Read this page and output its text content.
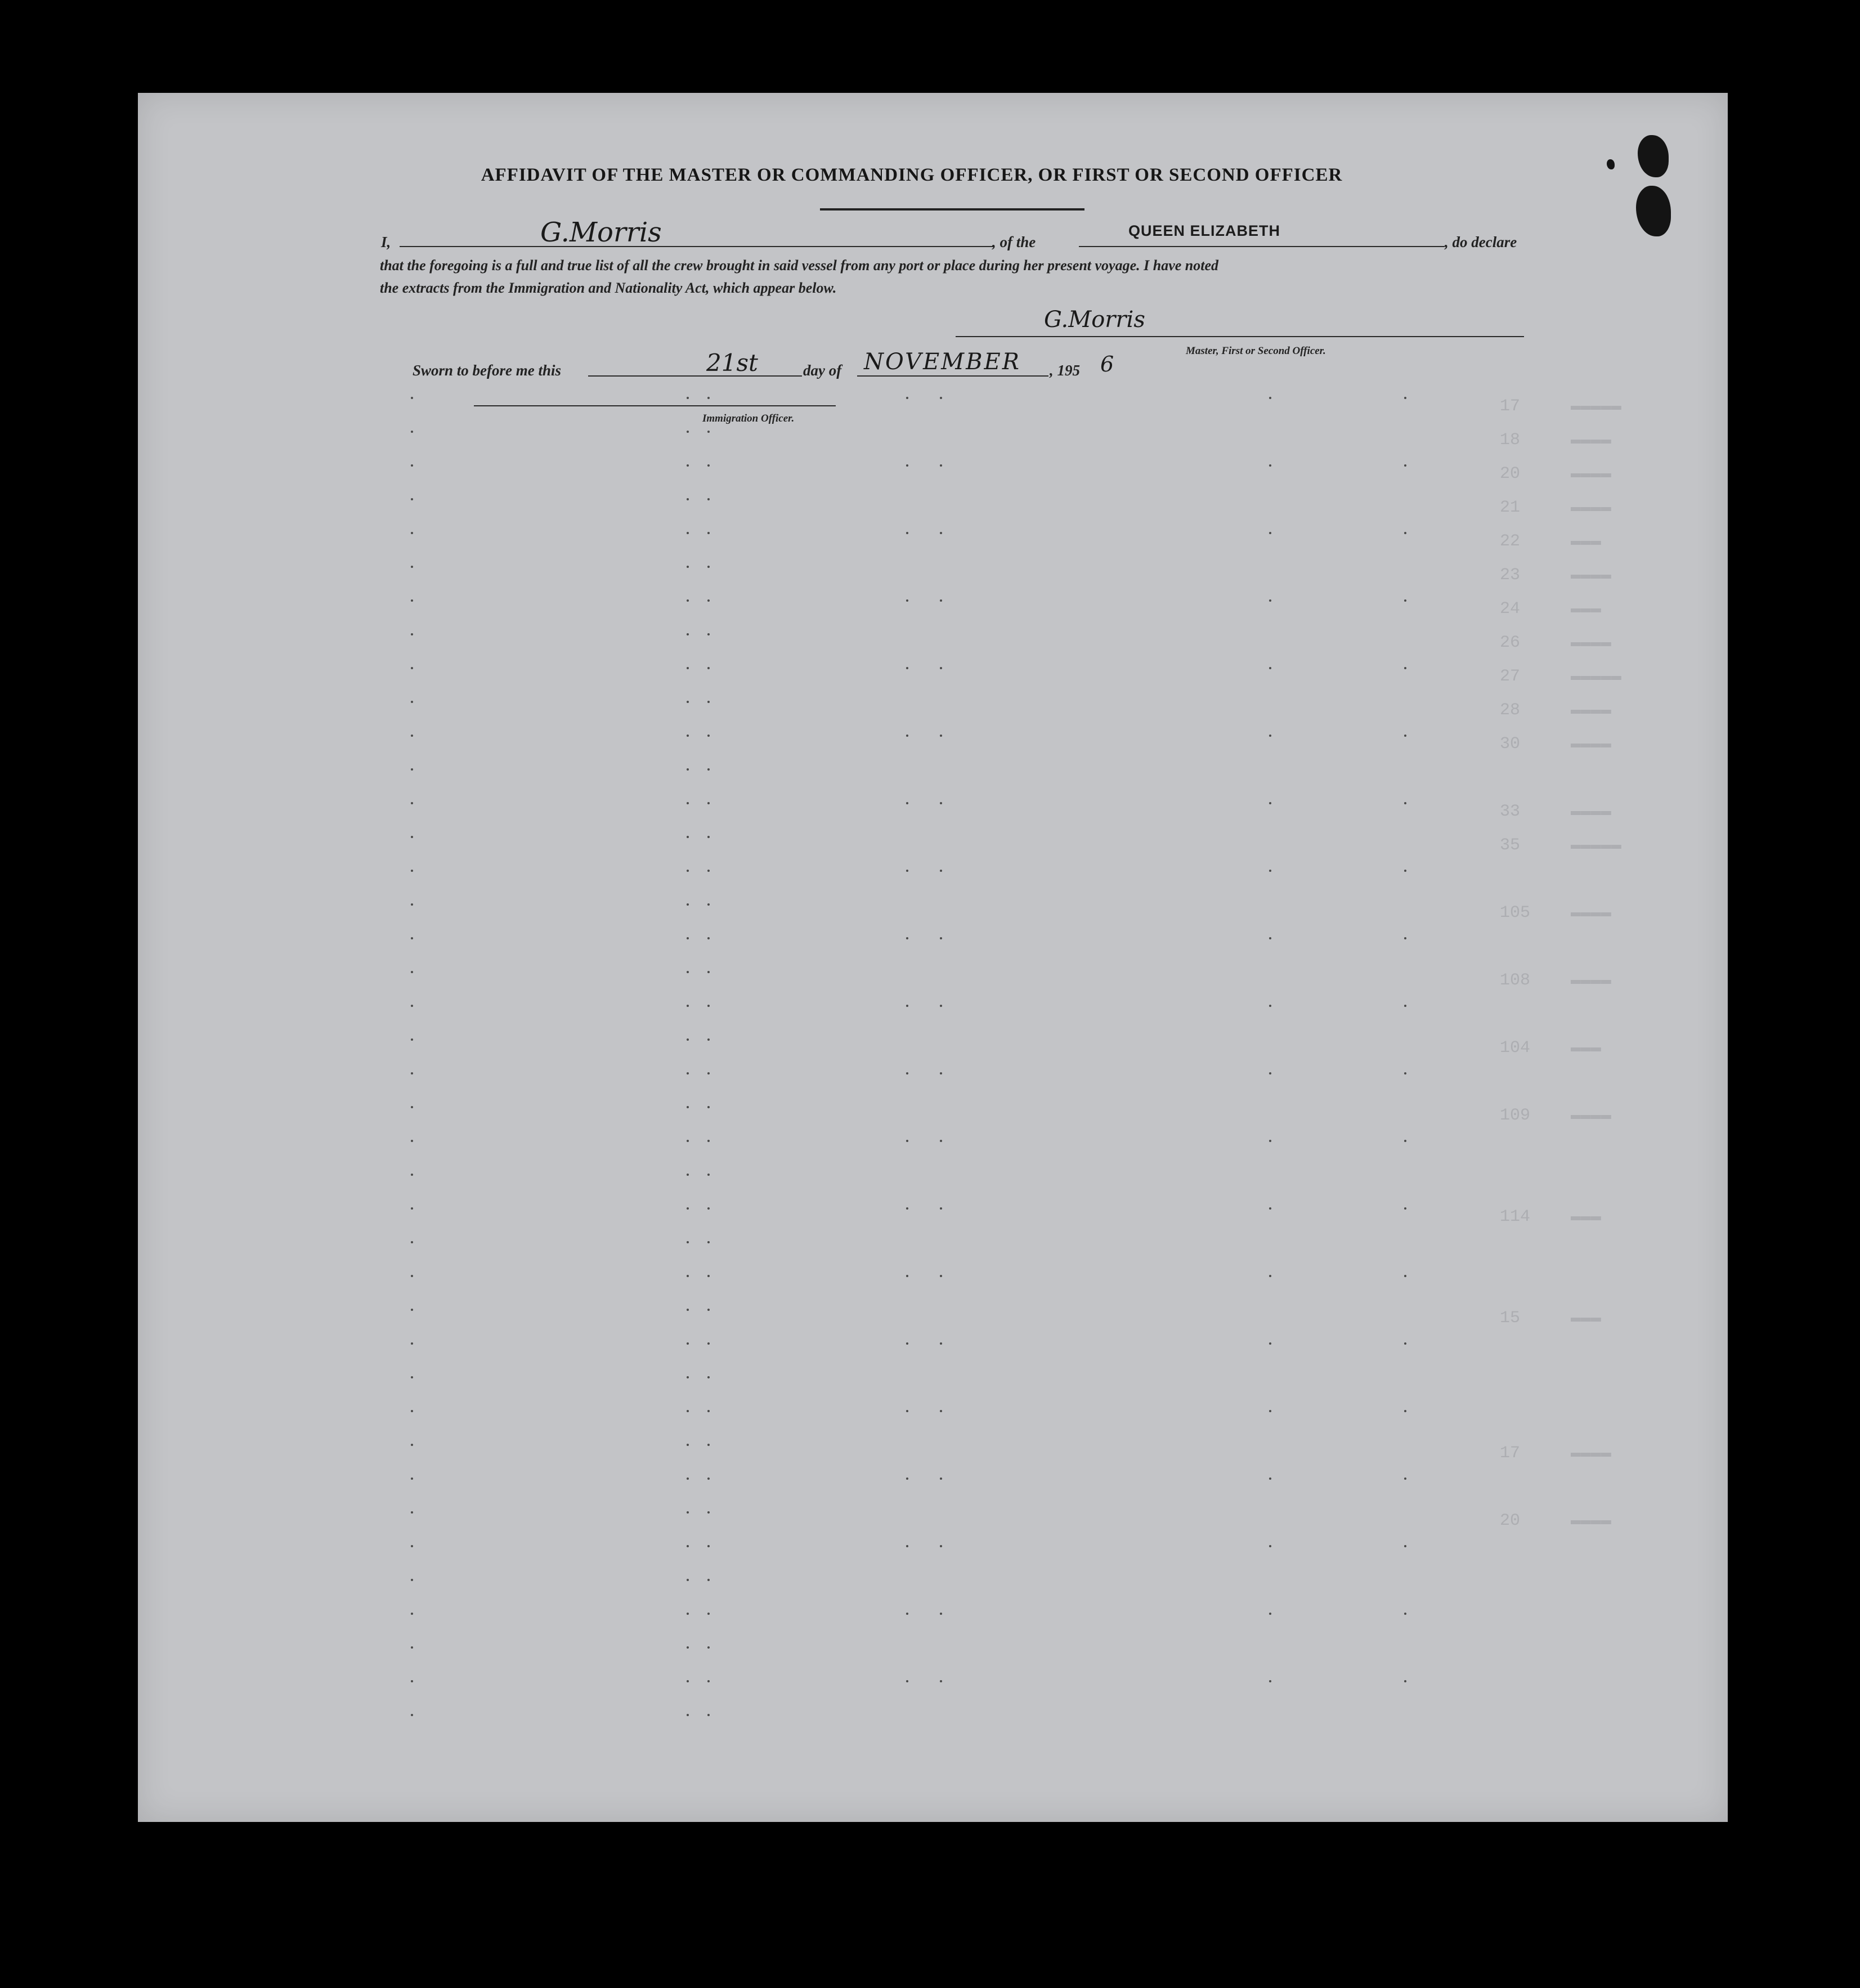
17     ▬▬▬▬▬
18     ▬▬▬▬
20     ▬▬▬▬
21     ▬▬▬▬
22     ▬▬▬
23     ▬▬▬▬
24     ▬▬▬
26     ▬▬▬▬
27     ▬▬▬▬▬
28     ▬▬▬▬
30     ▬▬▬▬
33     ▬▬▬▬
35     ▬▬▬▬▬
105    ▬▬▬▬
108    ▬▬▬▬
104    ▬▬▬
109    ▬▬▬▬
114    ▬▬▬
15     ▬▬▬
17     ▬▬▬▬
20     ▬▬▬▬
AFFIDAVIT OF THE MASTER OR COMMANDING OFFICER, OR FIRST OR SECOND OFFICER
I,	G.Morris	, of the
QUEEN ELIZABETH
, do declare
that the foregoing is a full and true list of all the crew brought in said vessel from any port or place during her present voyage. I have noted
the extracts from the Immigration and Nationality Act, which appear below.
G.Morris
Master, First or Second Officer.
Sworn to before me this	21st	day of NOVEMBER , 195 6
Immigration Officer.
